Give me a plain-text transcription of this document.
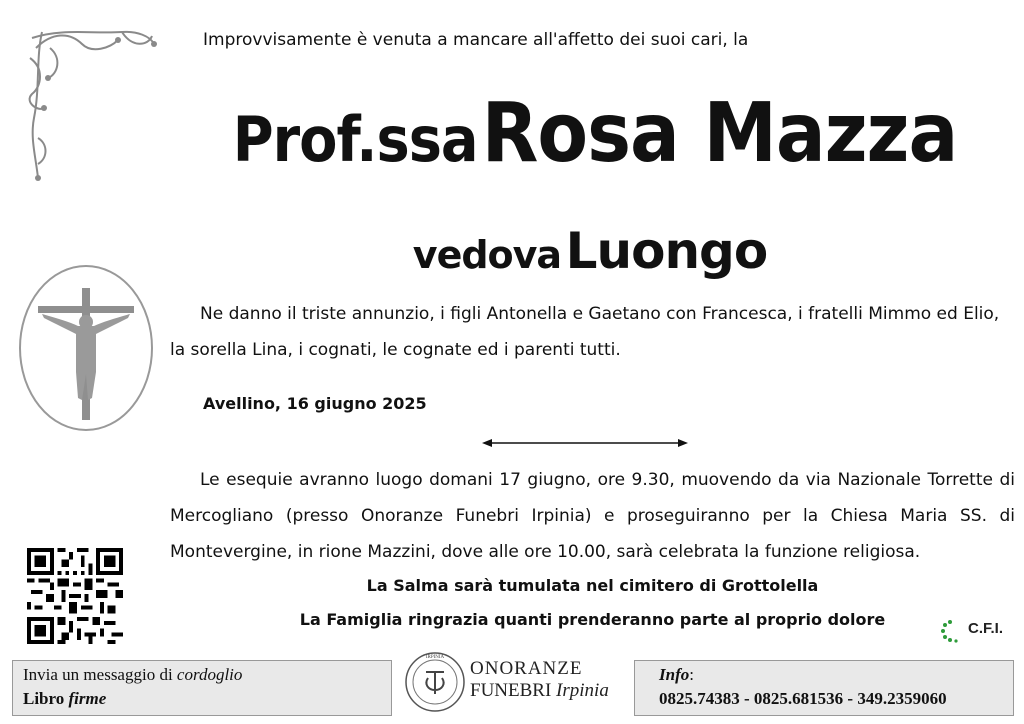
Improvvisamente è venuta a mancare all'affetto dei suoi cari, la
Prof.ssa Rosa Mazza
vedova Luongo
Ne danno il triste annunzio, i figli Antonella e Gaetano con Francesca, i fratelli Mimmo ed Elio, la sorella Lina, i cognati, le cognate ed i parenti tutti.
Avellino, 16 giugno 2025
Le esequie avranno luogo domani 17 giugno, ore 9.30, muovendo da via Nazionale Torrette di Mercogliano (presso Onoranze Funebri Irpinia) e proseguiranno per la Chiesa Maria SS. di Montevergine, in rione Mazzini, dove alle ore 10.00, sarà celebrata la funzione religiosa.
La Salma sarà tumulata nel cimitero di Grottolella
La Famiglia ringrazia quanti prenderanno parte al proprio dolore	C.F.I.
Invia un messaggio di cordoglio
Libro firme
IRPINIA
ONORANZE
FUNEBRI Irpinia
Info:
0825.74383 - 0825.681536 - 349.2359060
